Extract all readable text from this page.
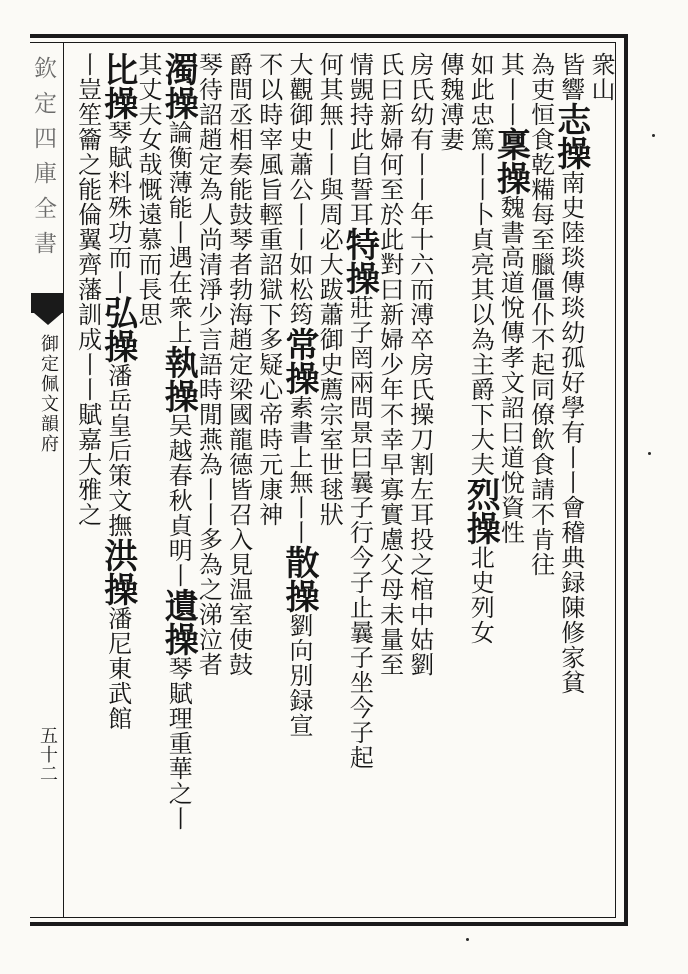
欽定四庫全書
御定佩文韻府
五十二
衆山
皆響志操南史陸琰傳琰幼孤好學有丨丨會稽典録陳修家貧
為吏恒食乾糒每至臘僵仆不起同僚飲食請不肯往
其丨丨稟操魏書高道悅傳孝文詔曰道悅資性
如此忠篤丨丨卜貞亮其以為主爵下大夫烈操北史列女
傳魏溥妻
房氏幼有丨丨年十六而溥卒房氏操刀割左耳投之棺中姑劉
氏曰新婦何至於此對曰新婦少年不幸早寡實慮父母未量至
情覬持此自誓耳特操莊子罔兩問景曰曩子行今子止曩子坐今子起
何其無丨丨與周必大跋蕭御史薦宗室世毬狀
大觀御史蕭公丨丨如松筠常操素書上無丨丨散操劉向別録宣
不以時宰風旨輕重詔獄下多疑心帝時元康神
爵間丞相奏能鼓琴者勃海趙定梁國龍德皆召入見温室使鼓
琴待詔趙定為人尚清淨少言語時閒燕為丨丨多為之涕泣者
濁操論衡薄能丨遇在衆上執操吴越春秋貞明丨遺操琴賦理重華之丨
其丈夫女哉慨遠慕而長思
比操琴賦料殊功而丨弘操潘岳皇后策文撫洪操潘尼東武館
丨豈笙籥之能倫翼齊藩訓成丨丨賦嘉大雅之
